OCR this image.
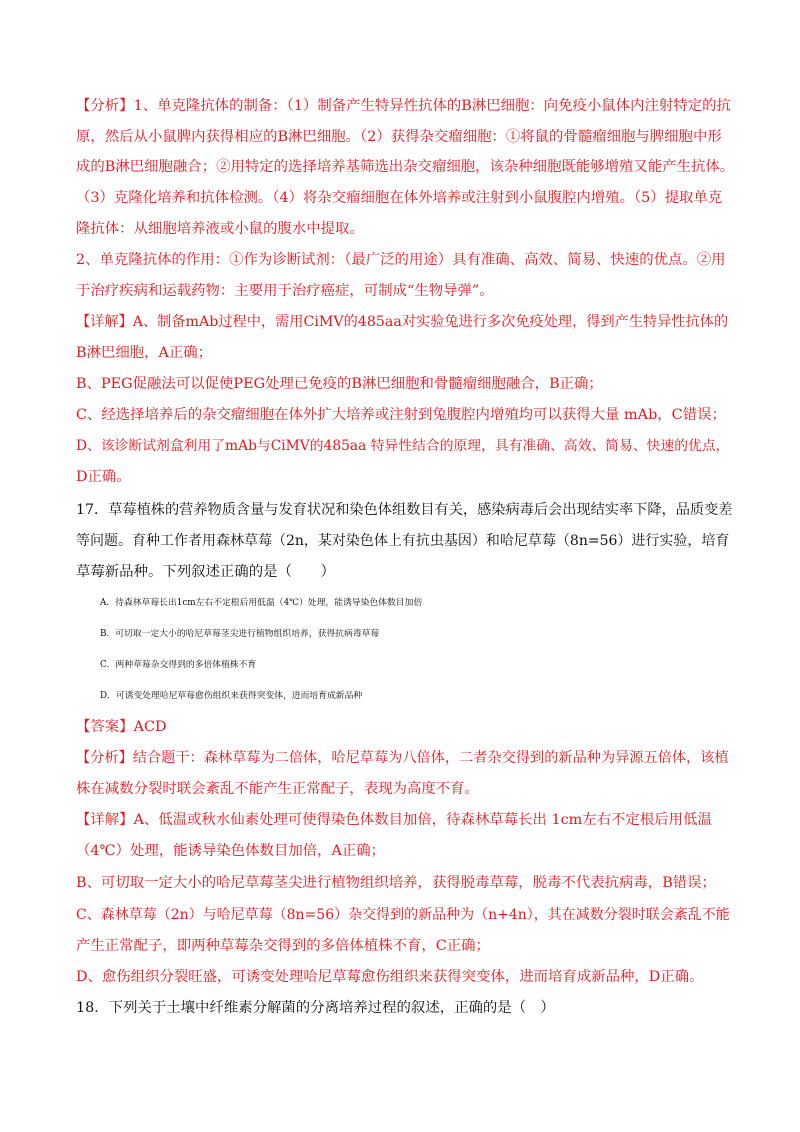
【分析】1、单克隆抗体的制备：（1）制备产生特异性抗体的B淋巴细胞：向免疫小鼠体内注射特定的抗
原，然后从小鼠脾内获得相应的B淋巴细胞。（2）获得杂交瘤细胞：①将鼠的骨髓瘤细胞与脾细胞中形
成的B淋巴细胞融合；②用特定的选择培养基筛选出杂交瘤细胞，该杂种细胞既能够增殖又能产生抗体。
（3）克隆化培养和抗体检测。（4）将杂交瘤细胞在体外培养或注射到小鼠腹腔内增殖。（5）提取单克
隆抗体：从细胞培养液或小鼠的腹水中提取。
2、单克隆抗体的作用：①作为诊断试剂：（最广泛的用途）具有准确、高效、简易、快速的优点。②用
于治疗疾病和运载药物：主要用于治疗癌症，可制成“生物导弹”。
【详解】A、制备mAb过程中，需用CiMV的485aa对实验兔进行多次免疫处理，得到产生特异性抗体的
B淋巴细胞，A正确；
B、PEG促融法可以促使PEG处理已免疫的B淋巴细胞和骨髓瘤细胞融合，B正确；
C、经选择培养后的杂交瘤细胞在体外扩大培养或注射到兔腹腔内增殖均可以获得大量 mAb，C错误；
D、该诊断试剂盒利用了mAb与CiMV的485aa 特异性结合的原理，具有准确、高效、简易、快速的优点，
D正确。
17．草莓植株的营养物质含量与发育状况和染色体组数目有关，感染病毒后会出现结实率下降，品质变差
等问题。育种工作者用森林草莓（2n，某对染色体上有抗虫基因）和哈尼草莓（8n=56）进行实验，培育
草莓新品种。下列叙述正确的是（　　）
A．待森林草莓长出1cm左右不定根后用低温（4℃）处理，能诱导染色体数目加倍
B．可切取一定大小的哈尼草莓茎尖进行植物组织培养，获得抗病毒草莓
C．两种草莓杂交得到的多倍体植株不育
D．可诱变处理哈尼草莓愈伤组织来获得突变体，进而培育成新品种
【答案】ACD
【分析】结合题干：森林草莓为二倍体，哈尼草莓为八倍体，二者杂交得到的新品种为异源五倍体，该植
株在减数分裂时联会紊乱不能产生正常配子，表现为高度不育。
【详解】A、低温或秋水仙素处理可使得染色体数目加倍，待森林草莓长出 1cm左右不定根后用低温
（4℃）处理，能诱导染色体数目加倍，A正确；
B、可切取一定大小的哈尼草莓茎尖进行植物组织培养，获得脱毒草莓，脱毒不代表抗病毒，B错误；
C、森林草莓（2n）与哈尼草莓（8n=56）杂交得到的新品种为（n+4n），其在减数分裂时联会紊乱不能
产生正常配子，即两种草莓杂交得到的多倍体植株不育，C正确；
D、愈伤组织分裂旺盛，可诱变处理哈尼草莓愈伤组织来获得突变体，进而培育成新品种，D正确。
18．下列关于土壤中纤维素分解菌的分离培养过程的叙述，正确的是（　）
